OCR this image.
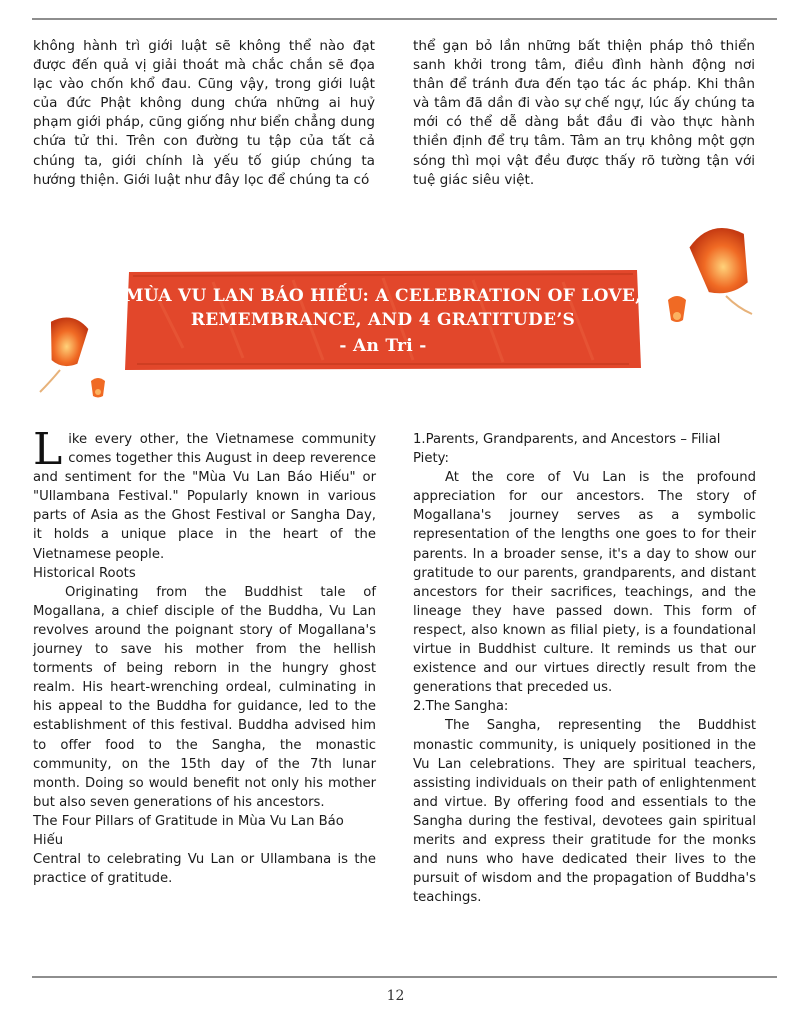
không hành trì giới luật sẽ không thể nào đạt được đến quả vị giải thoát mà chắc chắn sẽ đọa lạc vào chốn khổ đau. Cũng vậy, trong giới luật của đức Phật không dung chứa những ai huỷ phạm giới pháp, cũng giống như biển chẳng dung chứa tử thi. Trên con đường tu tập của tất cả chúng ta, giới chính là yếu tố giúp chúng ta hướng thiện. Giới luật như đây lọc để chúng ta có

thể gạn bỏ lần những bất thiện pháp thô thiển sanh khởi trong tâm, điều đình hành động nơi thân để tránh đưa đến tạo tác ác pháp. Khi thân và tâm đã dần đi vào sự chế ngự, lúc ấy chúng ta mới có thể dễ dàng bắt đầu đi vào thực hành thiền định để trụ tâm. Tâm an trụ không một gợn sóng thì mọi vật đều được thấy rõ tường tận với tuệ giác siêu việt.

MÙA VU LAN BÁO HIẾU: A CELEBRATION OF LOVE,
REMEMBRANCE, AND 4 GRATITUDE’S
- An Tri -

Like every other, the Vietnamese community comes together this August in deep reverence and sentiment for the "Mùa Vu Lan Báo Hiếu" or "Ullambana Festival." Popularly known in various parts of Asia as the Ghost Festival or Sangha Day, it holds a unique place in the heart of the Vietnamese people.

Historical Roots

Originating from the Buddhist tale of Mogallana, a chief disciple of the Buddha, Vu Lan revolves around the poignant story of Mogallana's journey to save his mother from the hellish torments of being reborn in the hungry ghost realm. His heart-wrenching ordeal, culminating in his appeal to the Buddha for guidance, led to the establishment of this festival. Buddha advised him to offer food to the Sangha, the monastic community, on the 15th day of the 7th lunar month. Doing so would benefit not only his mother but also seven generations of his ancestors.

The Four Pillars of Gratitude in Mùa Vu Lan Báo Hiếu

Central to celebrating Vu Lan or Ullambana is the practice of gratitude.

1.Parents, Grandparents, and Ancestors – Filial Piety:

At the core of Vu Lan is the profound appreciation for our ancestors. The story of Mogallana's journey serves as a symbolic representation of the lengths one goes to for their parents. In a broader sense, it's a day to show our gratitude to our parents, grandparents, and distant ancestors for their sacrifices, teachings, and the lineage they have passed down. This form of respect, also known as filial piety, is a foundational virtue in Buddhist culture. It reminds us that our existence and our virtues directly result from the generations that preceded us.

2.The Sangha:

The Sangha, representing the Buddhist monastic community, is uniquely positioned in the Vu Lan celebrations. They are spiritual teachers, assisting individuals on their path of enlightenment and virtue. By offering food and essentials to the Sangha during the festival, devotees gain spiritual merits and express their gratitude for the monks and nuns who have dedicated their lives to the pursuit of wisdom and the propagation of Buddha's teachings.

12
